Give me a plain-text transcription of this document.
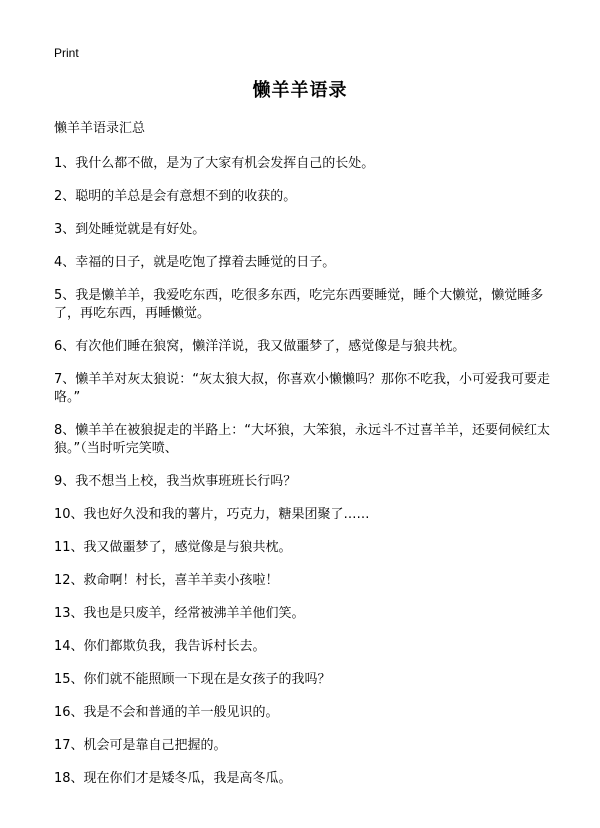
Print
懒羊羊语录
懒羊羊语录汇总
1、我什么都不做，是为了大家有机会发挥自己的长处。
2、聪明的羊总是会有意想不到的收获的。
3、到处睡觉就是有好处。
4、幸福的日子，就是吃饱了撑着去睡觉的日子。
5、我是懒羊羊，我爱吃东西，吃很多东西，吃完东西要睡觉，睡个大懒觉，懒觉睡多了，再吃东西，再睡懒觉。
6、有次他们睡在狼窝，懒洋洋说，我又做噩梦了，感觉像是与狼共枕。
7、懒羊羊对灰太狼说：“灰太狼大叔，你喜欢小懒懒吗？那你不吃我，小可爱我可要走咯。”
8、懒羊羊在被狼捉走的半路上：“大坏狼，大笨狼，永远斗不过喜羊羊，还要伺候红太狼。”（当时听完笑喷、
9、我不想当上校，我当炊事班班长行吗？
10、我也好久没和我的薯片，巧克力，糖果团聚了……
11、我又做噩梦了，感觉像是与狼共枕。
12、救命啊！村长，喜羊羊卖小孩啦！
13、我也是只废羊，经常被沸羊羊他们笑。
14、你们都欺负我，我告诉村长去。
15、你们就不能照顾一下现在是女孩子的我吗？
16、我是不会和普通的羊一般见识的。
17、机会可是靠自己把握的。
18、现在你们才是矮冬瓜，我是高冬瓜。
